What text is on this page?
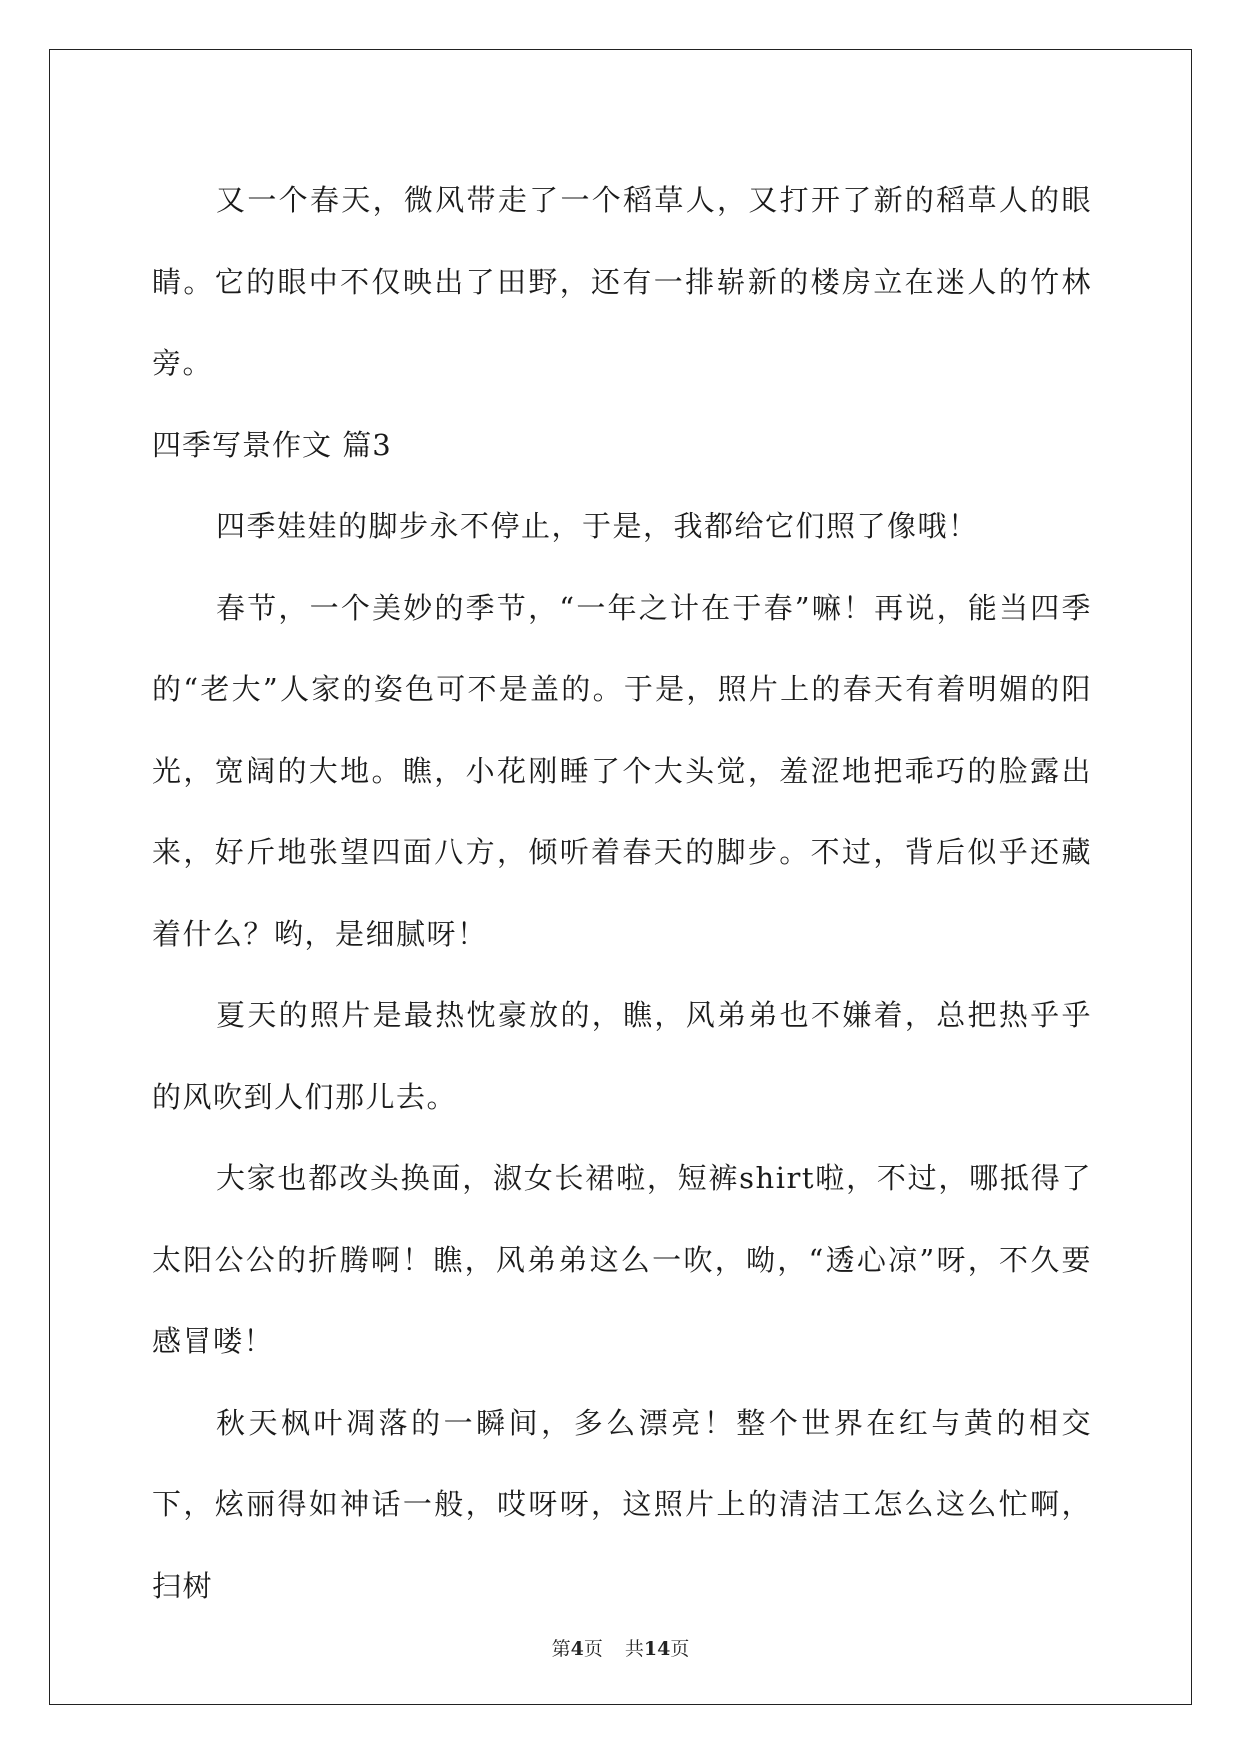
又一个春天，微风带走了一个稻草人，又打开了新的稻草人的眼睛。它的眼中不仅映出了田野，还有一排崭新的楼房立在迷人的竹林旁。

四季写景作文 篇3

四季娃娃的脚步永不停止，于是，我都给它们照了像哦！

春节，一个美妙的季节，“一年之计在于春”嘛！再说，能当四季的“老大”人家的姿色可不是盖的。于是，照片上的春天有着明媚的阳光，宽阔的大地。瞧，小花刚睡了个大头觉，羞涩地把乖巧的脸露出来，好斤地张望四面八方，倾听着春天的脚步。不过，背后似乎还藏着什么？哟，是细腻呀！

夏天的照片是最热忱豪放的，瞧，风弟弟也不嫌着，总把热乎乎的风吹到人们那儿去。

大家也都改头换面，淑女长裙啦，短裤shirt啦，不过，哪抵得了太阳公公的折腾啊！瞧，风弟弟这么一吹，呦，“透心凉”呀，不久要感冒喽！

秋天枫叶凋落的一瞬间，多么漂亮！整个世界在红与黄的相交下，炫丽得如神话一般，哎呀呀，这照片上的清洁工怎么这么忙啊，扫树

第4页 共14页
